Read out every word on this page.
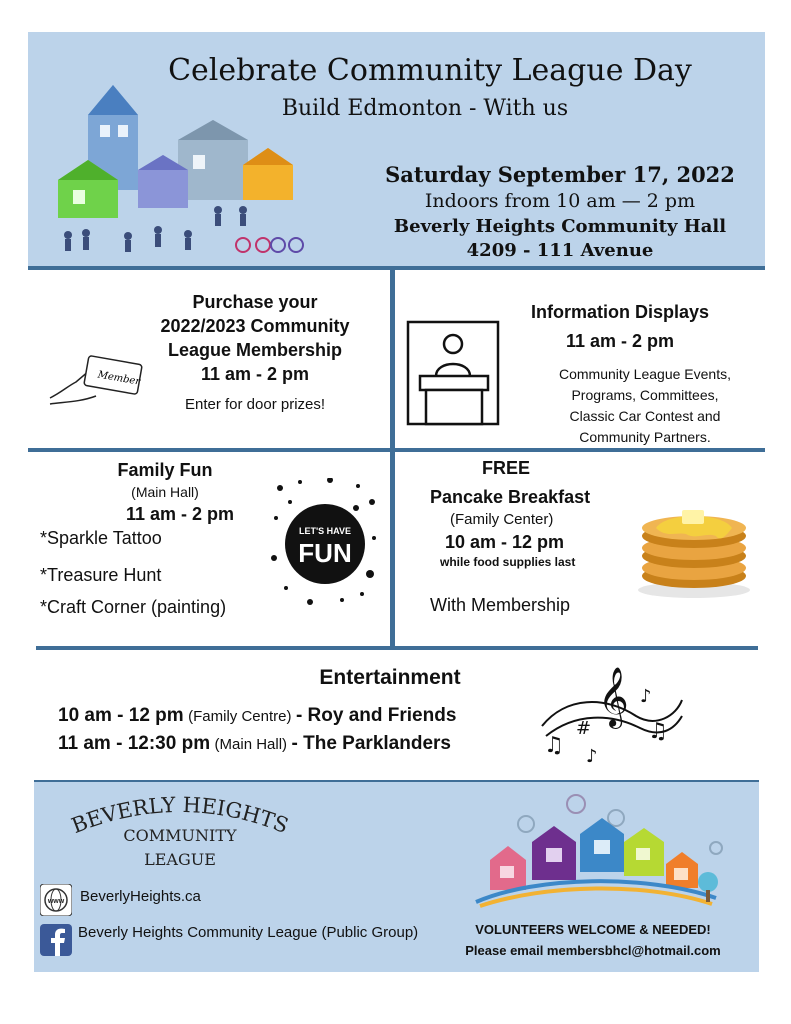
Celebrate Community League Day
Build Edmonton - With us
Saturday September 17, 2022
Indoors from 10 am — 2 pm
Beverly Heights Community Hall
4209 - 111 Avenue
Purchase your
2022/2023 Community
League Membership
11 am - 2 pm
Enter for door prizes!
Member
Information Displays
11 am - 2 pm
Community League Events,
Programs, Committees,
Classic Car Contest and
Community Partners.
Family Fun
(Main Hall)
11 am - 2 pm
*Sparkle Tattoo
*Treasure Hunt
*Craft Corner (painting)
LET'S HAVE
FUN
FREE
Pancake Breakfast
(Family Center)
10 am - 12 pm
while food supplies last
With Membership
Entertainment
10 am - 12 pm (Family Centre) - Roy and Friends
11 am - 12:30 pm (Main Hall) - The Parklanders
𝄞
♫
#
♪
♫
♪
BEVERLY HEIGHTS
COMMUNITY
LEAGUE
www BeverlyHeights.ca
Beverly Heights Community League (Public Group)	VOLUNTEERS WELCOME & NEEDED!
Please email membersbhcl@hotmail.com
